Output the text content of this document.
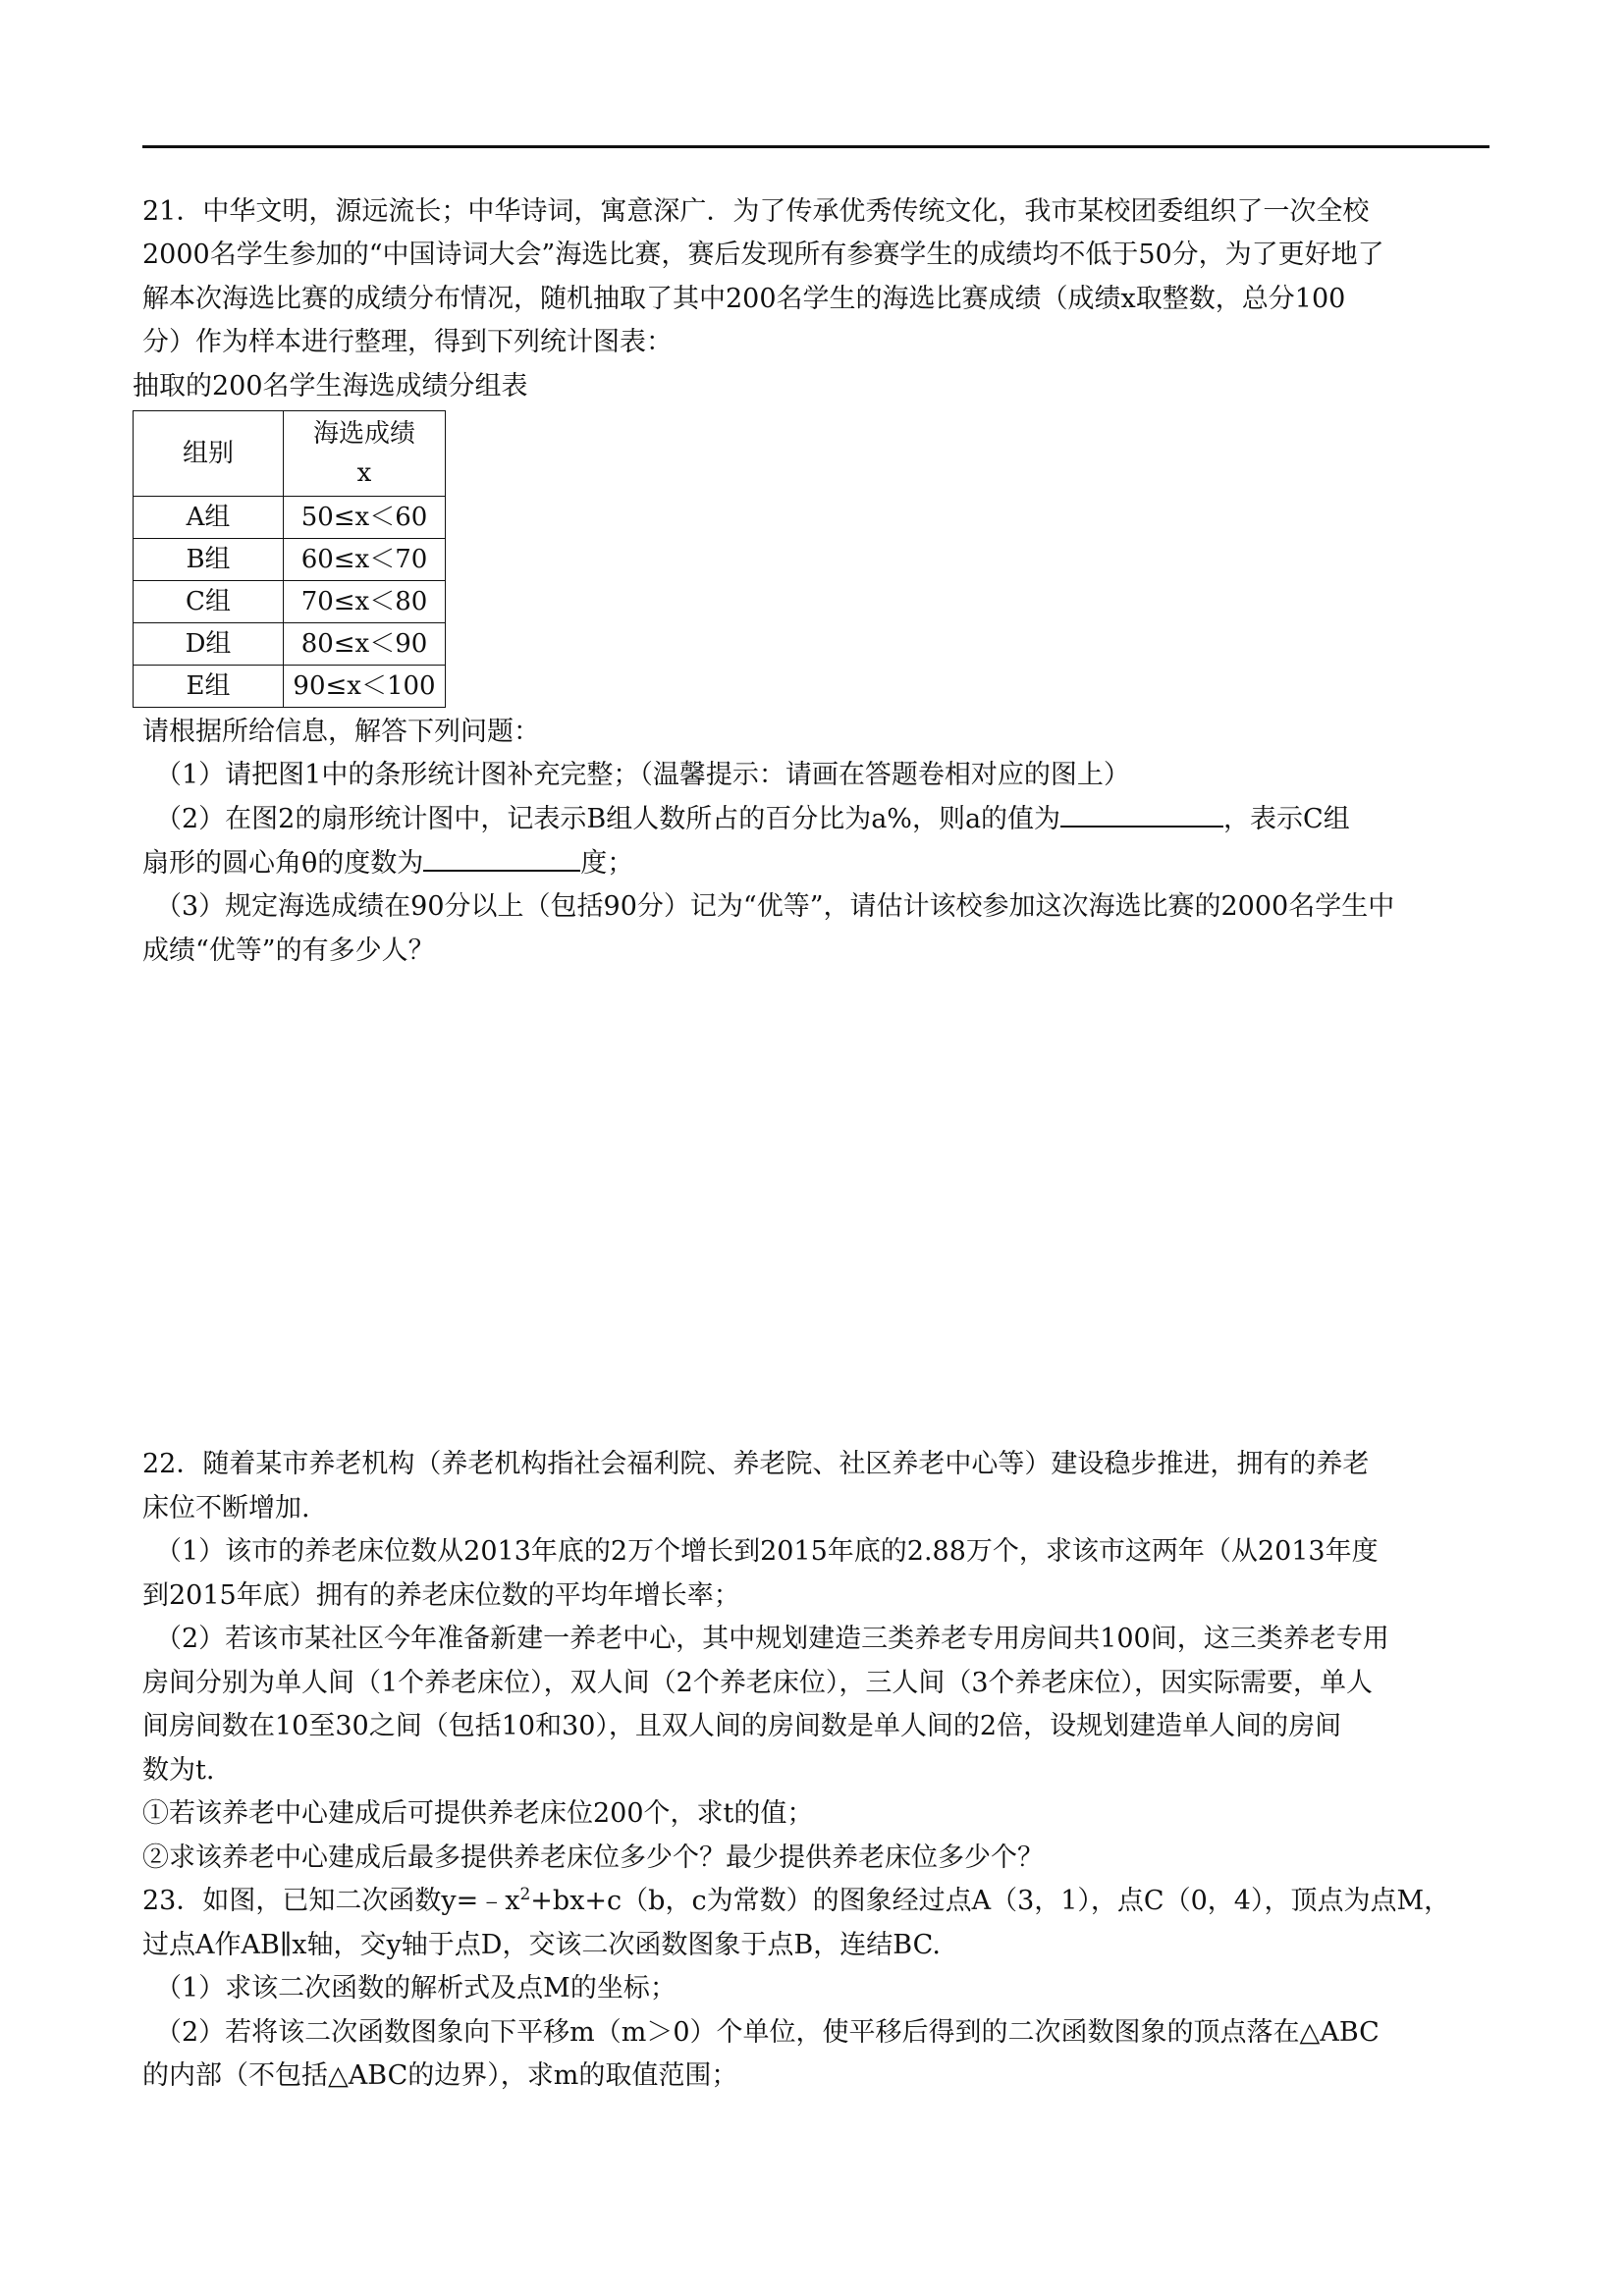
21．中华文明，源远流长；中华诗词，寓意深广．为了传承优秀传统文化，我市某校团委组织了一次全校
2000名学生参加的“中国诗词大会”海选比赛，赛后发现所有参赛学生的成绩均不低于50分，为了更好地了
解本次海选比赛的成绩分布情况，随机抽取了其中200名学生的海选比赛成绩（成绩x取整数，总分100
分）作为样本进行整理，得到下列统计图表：
抽取的200名学生海选成绩分组表
组别	海选成绩
x

A组	50≤x＜60
B组	60≤x＜70
C组	70≤x＜80
D组	80≤x＜90
E组	90≤x＜100
请根据所给信息，解答下列问题：
（1）请把图1中的条形统计图补充完整；（温馨提示：请画在答题卷相对应的图上）
（2）在图2的扇形统计图中，记表示B组人数所占的百分比为a%，则a的值为	，表示C组
扇形的圆心角θ的度数为	度；
（3）规定海选成绩在90分以上（包括90分）记为“优等”，请估计该校参加这次海选比赛的2000名学生中
成绩“优等”的有多少人？
22．随着某市养老机构（养老机构指社会福利院、养老院、社区养老中心等）建设稳步推进，拥有的养老
床位不断增加.
（1）该市的养老床位数从2013年底的2万个增长到2015年底的2.88万个，求该市这两年（从2013年度
到2015年底）拥有的养老床位数的平均年增长率；
（2）若该市某社区今年准备新建一养老中心，其中规划建造三类养老专用房间共100间，这三类养老专用
房间分别为单人间（1个养老床位），双人间（2个养老床位），三人间（3个养老床位），因实际需要，单人
间房间数在10至30之间（包括10和30），且双人间的房间数是单人间的2倍，设规划建造单人间的房间
数为t.
①若该养老中心建成后可提供养老床位200个，求t的值；
②求该养老中心建成后最多提供养老床位多少个？最少提供养老床位多少个？
23．如图，已知二次函数$y=﹣x^2+bx+c(b$，c为常数）的图象经过点A（3，1），点C（0，4），顶点为点M，
过点A作AB∥x轴，交y轴于点D，交该二次函数图象于点B，连结BC.
（1）求该二次函数的解析式及点M的坐标；
（2）若将该二次函数图象向下平移m（m＞0）个单位，使平移后得到的二次函数图象的顶点落在△ABC
的内部（不包括△ABC的边界），求m的取值范围；
